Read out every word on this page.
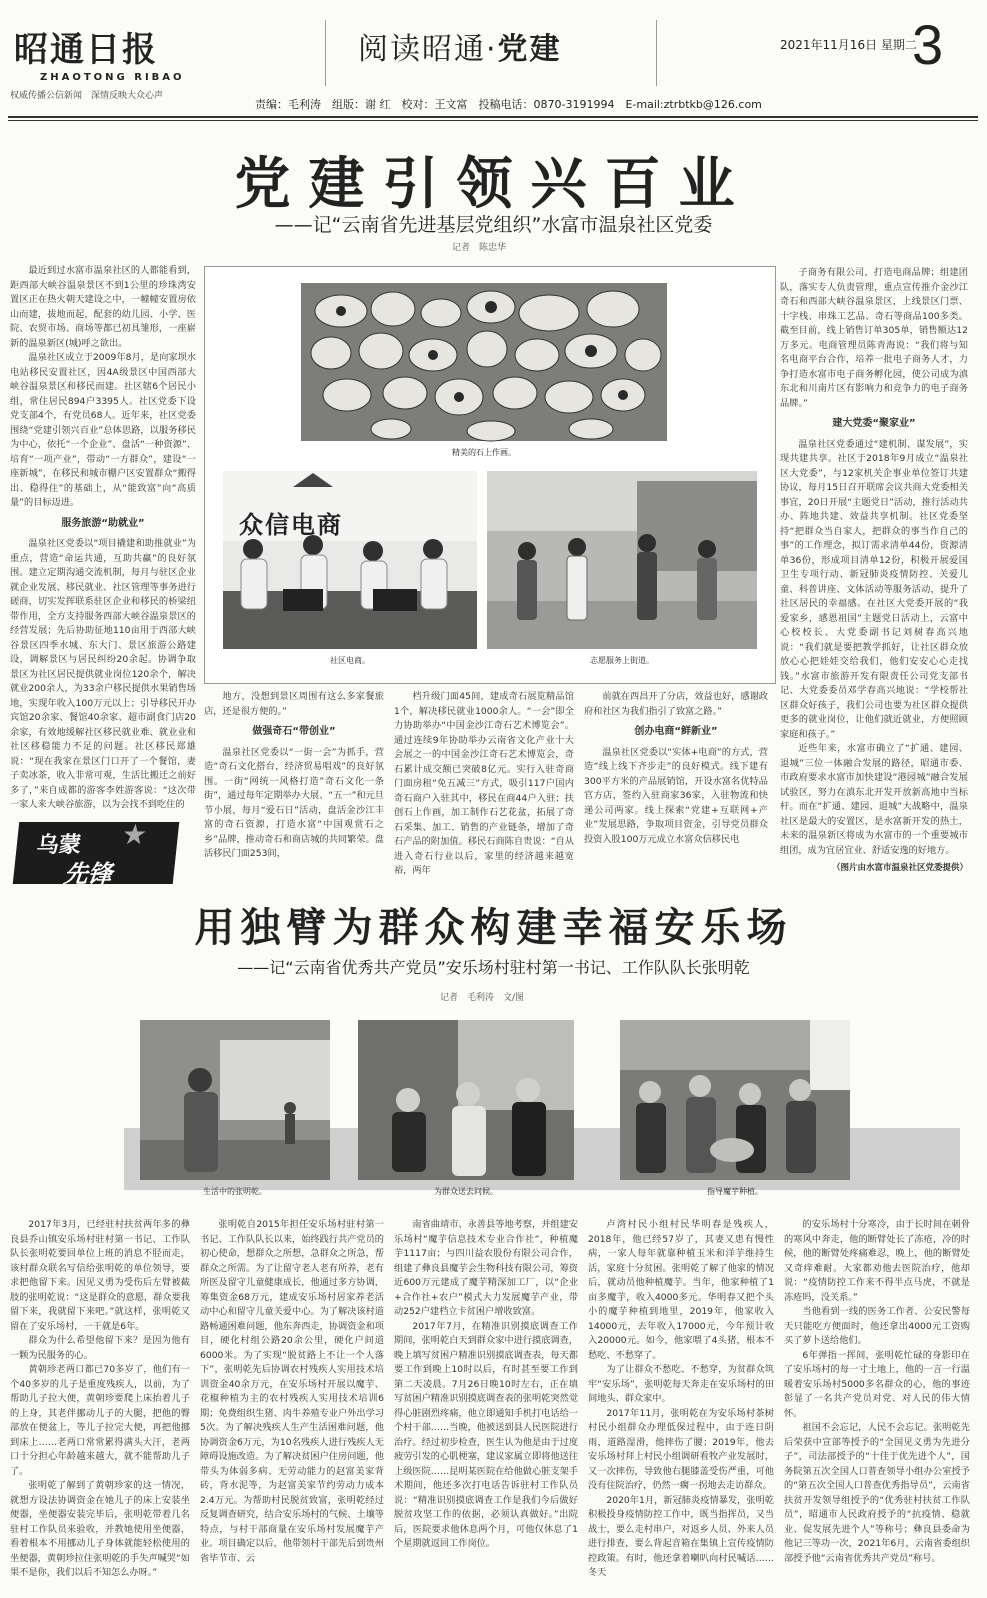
昭通日报
ZHAOTONG RIBAO
权威传播公信新闻　深情反映大众心声
阅读昭通·党建	2021年11月16日 星期二
3
责编：毛利涛　组版：谢 红　校对：王文富　投稿电话：0870-3191994　E-mail:ztrbtkb@126.com
党建引领兴百业
——记“云南省先进基层党组织”水富市温泉社区党委
记者　陈忠华

最近到过水富市温泉社区的人都能看到，距西部大峡谷温泉景区不到1公里的珍珠湾安置区正在热火朝天建设之中，一幢幢安置房依山而建，拔地而起，配套的幼儿园、小学、医院、农贸市场、商场等都已初具雏形，一座崭新的温泉新区(城)呼之欲出。

温泉社区成立于2009年8月，是向家坝水电站移民安置社区，因4A级景区中国西部大峡谷温泉景区和移民而建。社区辖6个居民小组，常住居民894户3395人。社区党委下设党支部4个，有党员68人。近年来，社区党委围绕“党建引领兴百业”总体思路，以服务移民为中心，依托“一个企业”、盘活“一种资源”、培育“一项产业”，带动“一方群众”，建设“一座新城”，在移民和城市棚户区安置群众“搬得出、稳得住”的基础上，从“能致富”向“高质量”的目标迈进。

服务旅游“助就业”

温泉社区党委以“项目撬建和助推就业”为重点，营造“命运共通，互助共赢”的良好氛围。建立定期沟通交流机制，每月与驻区企业就企业发展、移民就业、社区管理等事务进行磋商，切实发挥联系驻区企业和移民的桥梁纽带作用，全方支持服务西部大峡谷温泉景区的经营发展；先后协助征地110亩用于西部大峡谷景区四季水城、东大门、景区旅游公路建设，调解景区与居民纠纷20余起。协调争取景区为社区居民提供就业岗位120余个，解决就业200余人，为33余户移民提供水果销售场地，实现年收入100万元以上；引导移民开办宾馆20余家、餐馆40余家、超市副食门店20余家，有效地缓解社区移民就业难、就业业和社区移稳能力不足的问题。社区移民郑雄说：“现在我家在景区门口开了一个餐馆，妻子卖冰茶，收入非常可观，生活比搬迁之前好多了，”来自成都的游客李姓游客说：“这次带一家人来大峡谷旅游，以为会找不到吃住的

精美的石上作画。
众信电商
社区电商。	志愿服务上街道。

地方，没想到景区周围有这么多家餐旅店，还是很方便的。”

做强奇石“带创业”

温泉社区党委以“一街一会”为抓手，营造“奇石文化搭台，经济贸易唱戏”的良好氛围。一街“网统一风格打造”奇石文化一条街”，通过每年定期举办大展、“五一”和元旦节小展，每月“爱石日”活动，盘活金沙江丰富的奇石资源，打造水富“中国观赏石之乡”品牌，推动奇石和商店城的共同繁荣。盘活移民门面253间，

档升级门面45间，建成奇石展览精品馆1个，解决移民就业1000余人。“一会”即全力协助举办“中国金沙江奇石艺术博览会”。通过连续9年协助举办云南省文化产业十大会展之一的中国金沙江奇石艺术博览会，奇石累计成交额已突破8亿元。实行入驻奇商门面房租“免五减三”方式，吸引117户国内奇石商户入驻其中，移民在商44户入驻；扶创石上作画，加工制作石艺花盆，拓展了奇石采集、加工、销售的产业链条，增加了奇石产品的附加值。移民石商陈自贵说：“自从进入奇石行业以后，家里的经济越来越宽裕，两年

前就在西昌开了分店，效益也好，感谢政府和社区为我们指引了致富之路。”

创办电商“鲜新业”

温泉社区党委以“实体+电商”的方式，营造“线上线下齐步走”的良好模式。线下建有300平方米的产品展销馆，开设水富名优特品官方店，签约入驻商家36家，入驻物流和快递公司两家。线上探索“党建+互联网+产业”发展思路，争取项目资金，引导党员群众投资入股100万元成立水富众信移民电

子商务有限公司，打造电商品牌；组建团队，落实专人负责管理，重点宣传推介金沙江奇石和西部大峡谷温泉景区，上线景区门票、十字栈、串珠工艺品、奇石等商品100多类。截至目前，线上销售订单305单，销售额达12万多元。电商管理员陈青海说：“我们将与知名电商平台合作，培养一批电子商务人才，力争打造水富市电子商务孵化园，使公司成为滇东北和川南片区有影响力和竞争力的电子商务品牌。”

建大党委“聚家业”

温泉社区党委通过“建机制、谋发展”，实现共建共享。社区于2018年9月成立“温泉社区大党委”，与12家机关企事业单位签订共建协议，每月15日召开联席会议共商大党委相关事宜，20日开展“主题党日”活动，推行活动共办、阵地共建、效益共享机制。社区党委坚持“把群众当自家人，把群众的事当作自己的事”的工作理念，拟订需求清单44份，资源清单36份，形成项目清单12份，积极开展爱国卫生专项行动、新冠肺炎疫情防控、关爱儿童、科普讲座、文体活动等服务活动，提升了社区居民的幸福感。在社区大党委开展的“我爱家乡，感恩祖国”主题党日活动上，云富中心校校长、大党委副书记刘树春高兴地说：“我们就是要把教学抓好，让社区群众放放心心把娃娃交给我们，他们安安心心走找钱。”水富市旅游开发有限责任公司党支部书记、大党委委员邓学春高兴地说：“学校帮社区群众好孩子，我们公司也要为社区群众提供更多的就业岗位，让他们就近就业，方便照顾家庭和孩子。”

近些年来，水富市确立了“扩通、建园、退城”三位一体融合发展的路径，昭通市委、市政府要求水富市加快建设“港园城”融合发展试验区，努力在滇东北开发开放新高地中当标杆。而在“扩通、建园、退城”大战略中，温泉社区是最大的安置区，是水富新开发的热土，未来的温泉新区将成为水富市的一个重要城市组团，成为宜居宜业、舒适安逸的好地方。

（图片由水富市温泉社区党委提供）
乌蒙
先锋
★
用独臂为群众构建幸福安乐场
——记“云南省优秀共产党员”安乐场村驻村第一书记、工作队队长张明乾
记者　毛利涛　文/图
生活中的张明乾。	为群众送去问候。	指导魔芋种植。

2017年3月，已经驻村扶贫两年多的彝良县乔山镇安乐场村驻村第一书记、工作队队长张明乾要回单位上班的消息不胫而走，该村群众联名写信给张明乾的单位领导，要求把他留下来。因见义勇为受伤后左臂被截肢的张明乾说：“这是群众的意愿，群众要我留下来，我就留下来吧。”就这样，张明乾又留在了安乐场村，一干就是6年。

群众为什么希望他留下来？是因为他有一颗为民服务的心。

黄朝珍老两口都已70多岁了，他们有一个40多岁的儿子是重度残疾人，以前，为了帮助儿子拉大便，黄朝珍要爬上床抬着儿子的上身，其老伴挪动儿子的大腿，把他的臀部放在便盆上，等儿子拉完大便，再把他挪到床上……老两口常常累得满头大汗，老两口十分担心年龄越来越大，就不能帮助儿子了。

张明乾了解到了黄朝珍家的这一情况，就想方设法协调资金在她儿子的床上安装坐便器，坐便器安装完毕后，张明乾带着几名驻村工作队员来验收，并教她使用坐便器，看着根本不用挪动儿子身体就能轻松使用的坐便器，黄朝珍拉住张明乾的手失声喊哭“如果不是你，我们以后不知怎么办呀。”

张明乾自2015年担任安乐场村驻村第一书记、工作队队长以来，始终践行共产党员的初心使命，想群众之所想，急群众之所急，帮群众之所需。为了让留守老人老有所养，老有所医及留守儿童健康成长，他通过多方协调，筹集资金68万元，建成安乐场村居家养老活动中心和留守儿童关爱中心。为了解决该村道路畅通困难问题，他东奔西走，协调资金和项目，硬化村组公路20余公里，硬化户间道6000米。为了实现“脱贫路上不让一个人落下”，张明乾先后协调农村残疾人实用技术培训资金40余万元，在安乐场村开展以魔芋、花椒种植为主的农村残疾人实用技术培训6期；免费组织生猪、肉牛养殖专业户外出学习5次。为了解决残疾人生产生活困难问题，他协调资金6万元，为10名残疾人进行残疾人无障碍设施改造。为了解决贫困户住房问题，他带头为体弱多病、无劳动能力的赵富美家背砖，背水泥等，为赵富美家节约劳动力成本2.4万元。为帮助村民脱贫致富，张明乾经过反复调查研究，结合安乐场村的气候、土壤等特点，与村干部商量在安乐场村发展魔芋产业。项目确定以后，他带领村干部先后到贵州省毕节市、云

南省曲靖市、永善县等地考察，并组建安乐场村“魔芋信息技术专业合作社”，种植魔芋1117亩；与四川益农股份有限公司合作，组建了彝良县魔芋会生物科技有限公司，筹资近600万元建成了魔芋精深加工厂，以“企业+合作社+农户”模式大力发展魔芋产业，带动252户建档立卡贫困户增收致富。

2017年7月，在精准识别摸底调查工作期间，张明乾白天到群众家中进行摸底调查，晚上填写贫困户精准识别摸底调查表，每天都要工作到晚上10时以后，有时甚至要工作到第二天凌晨。7月26日晚10时左右，正在填写贫困户精准识别摸底调查表的张明乾突然觉得心脏剧烈疼痛，他立即通知手机打电话给一个村干部……当晚，他被送到县人民医院进行治疗。经过初步检查，医生认为他是由于过度疲劳引发的心肌梗塞，建议家属立即将他送往上级医院……昆明某医院在给他做心脏支架手术期间，他还多次打电话告诉驻村工作队员说：“精准识别摸底调查工作是我们今后做好脱贫攻坚工作的依据，必须认真做好。”出院后，医院要求他休息两个月，可他仅休息了1个星期就返回工作岗位。

卢湾村民小组村民华明春是残疾人，2018年，他已经57岁了，其妻又患有慢性病，一家人每年就靠种植玉米和洋芋维持生活，家庭十分贫困。张明乾了解了他家的情况后，就动员他种植魔芋。当年，他家种植了1亩多魔芋，收入4000多元。华明春又把个头小的魔芋种植到地里，2019年，他家收入14000元，去年收入17000元，今年预计收入20000元。如今，他家喂了4头猪，根本不愁吃、不愁穿了。

为了让群众不愁吃、不愁穿，为贫群众筑牢“安乐场”，张明乾每天奔走在安乐场村的田间地头、群众家中。

2017年11月，张明乾在为安乐场村茶树村民小组群众办理低保过程中，由于连日阴雨，道路湿滑，他摔伤了腰；2019年，他去安乐场村拜上村民小组调研看牧产业发展时，又一次摔伤，导致他右腿膝盖受伤严重，可他没有住院治疗，仍然一瘸一拐地去走访群众。

2020年1月，新冠肺炎疫情暴发，张明乾积极投身疫情防控工作中，既当指挥员，又当战士，要么走村串户，对返乡人员、外来人员进行排查，要么背起音箱在集镇上宣传疫情防控政策。有时，他还拿着喇叭向村民喊话……冬天

的安乐场村十分寒冷，由于长时间在刺骨的寒风中奔走，他的断臂处长了冻疮，冷的时候，他的断臂处疼痛难忍，晚上，他的断臂处又奇痒难耐。大家都劝他去医院治疗，他却说：“疫情防控工作来不得半点马虎，不就是冻疮吗，没关系。”

当他看到一线的医务工作者、公安民警每天只能吃方便面时，他还拿出4000元工资购买了萝卜送给他们。

6年弹指一挥间，张明乾忙碌的身影印在了安乐场村的每一寸土地上，他的一言一行温暖着安乐场村5000多名群众的心，他的事迹彰显了一名共产党员对党、对人民的伟大情怀。

祖国不会忘记，人民不会忘记。张明乾先后荣获中宣部等授予的“全国见义勇为先进分子”，司法部授予的“十佳于优先进个人”，国务院第五次全国人口普查领导小组办公室授予的“第五次全国人口普查优秀指导员”，云南省扶贫开发领导组授予的“优秀驻村扶贫工作队员”，昭通市人民政府授予的“抗疫情、稳就业、促发展先进个人”等称号；彝良县委命为他记三等功一次，2021年6月，云南省委组织部授予他“云南省优秀共产党员”称号。
